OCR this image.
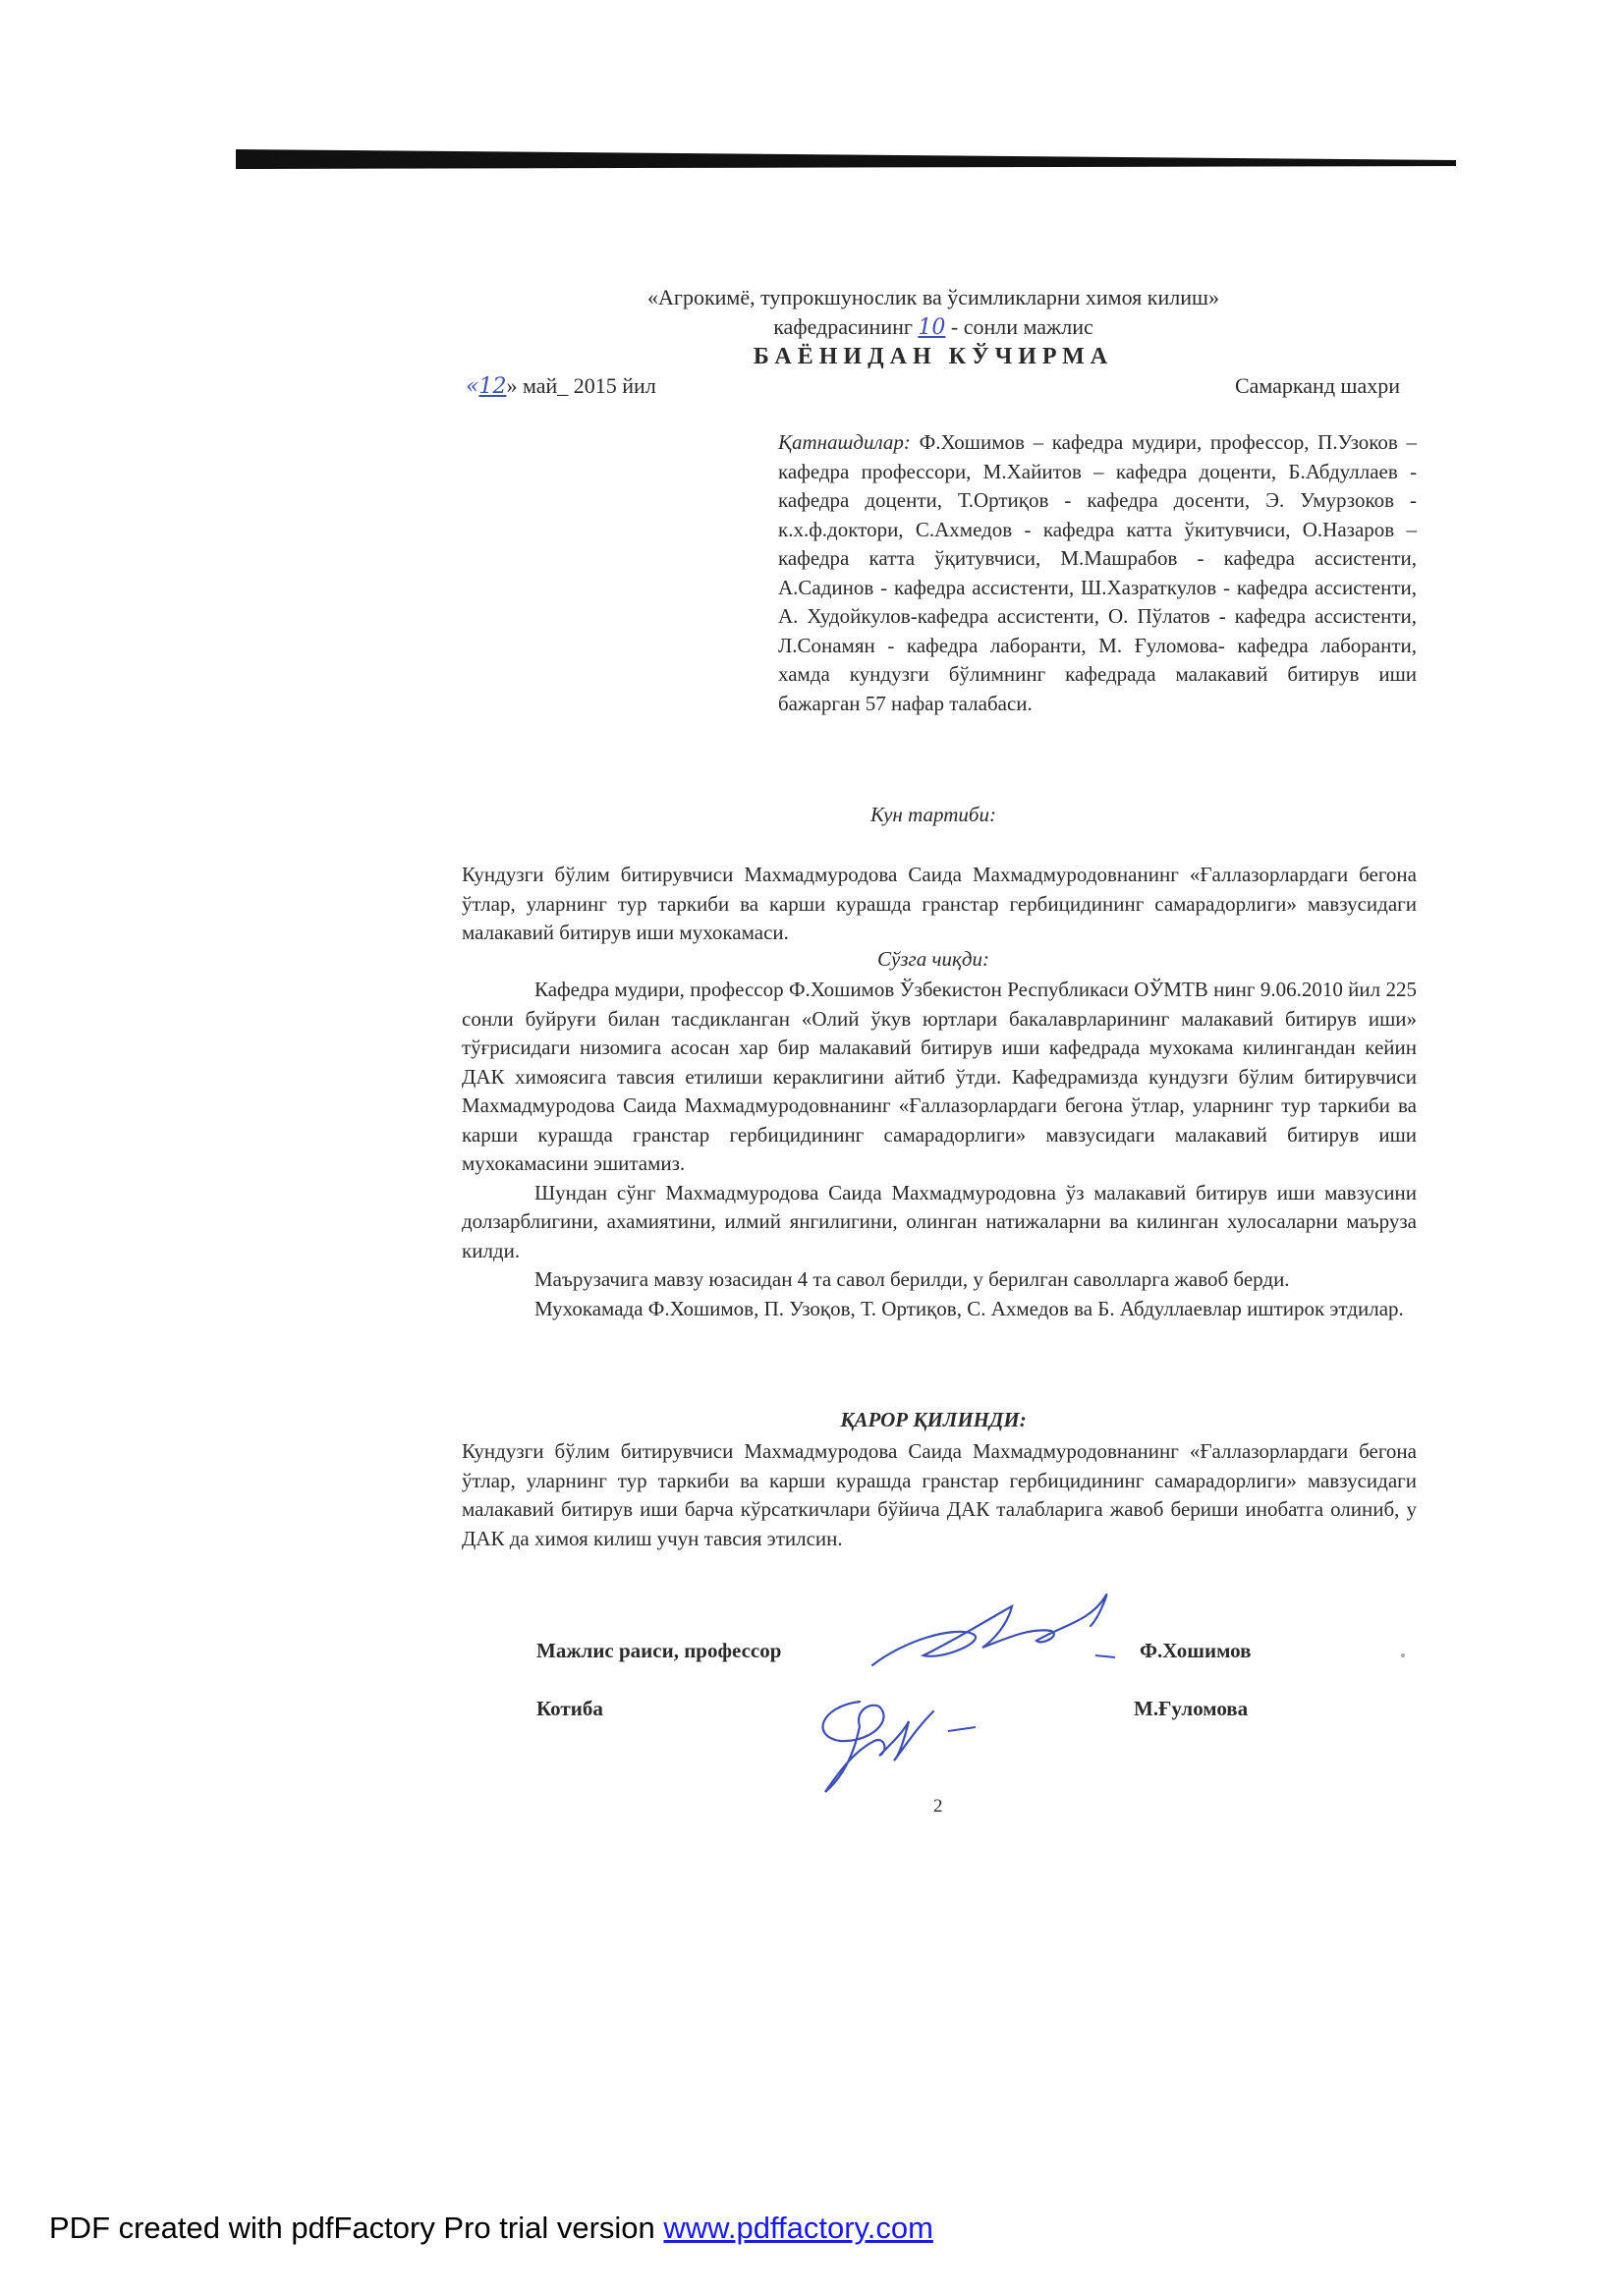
«Агрокимё, тупрокшунослик ва ўсимликларни химоя килиш»
кафедрасининг 10 - сонли мажлис
БАЁНИДАН КЎЧИРМА
«12» май_ 2015 йил	Самарканд шахри
Қатнашдилар: Ф.Хошимов – кафедра мудири, профессор, П.Узоков – кафедра профессори, М.Хайитов – кафедра доценти, Б.Абдуллаев - кафедра доценти, Т.Ортиқов - кафедра досенти, Э. Умурзоков - к.х.ф.доктори, С.Ахмедов - кафедра катта ўкитувчиси, О.Назаров – кафедра катта ўқитувчиси, М.Машрабов - кафедра ассистенти, А.Садинов - кафедра ассистенти, Ш.Хазраткулов - кафедра ассистенти, А. Худойкулов-кафедра ассистенти, О. Пўлатов - кафедра ассистенти, Л.Сонамян - кафедра лаборанти, М. Ғуломова- кафедра лаборанти, хамда кундузги бўлимнинг кафедрада малакавий битирув иши бажарган 57 нафар талабаси.
Кун тартиби:
Кундузги бўлим битирувчиси Махмадмуродова Саида Махмадмуродовнанинг «Ғаллазорлардаги бегона ўтлар, уларнинг тур таркиби ва карши курашда гранстар гербицидининг самарадорлиги» мавзусидаги малакавий битирув иши мухокамаси.
Сўзга чиқди:

Кафедра мудири, профессор Ф.Хошимов Ўзбекистон Республикаси ОЎМТВ нинг 9.06.2010 йил 225 сонли буйруғи билан тасдикланган «Олий ўкув юртлари бакалаврларининг малакавий битирув иши» тўғрисидаги низомига асосан хар бир малакавий битирув иши кафедрада мухокама килингандан кейин ДАК химоясига тавсия етилиши кераклигини айтиб ўтди. Кафедрамизда кундузги бўлим битирувчиси Махмадмуродова Саида Махмадмуродовнанинг «Ғаллазорлардаги бегона ўтлар, уларнинг тур таркиби ва карши курашда гранстар гербицидининг самарадорлиги» мавзусидаги малакавий битирув иши мухокамасини эшитамиз.

Шундан сўнг Махмадмуродова Саида Махмадмуродовна ўз малакавий битирув иши мавзусини долзарблигини, ахамиятини, илмий янгилигини, олинган натижаларни ва килинган хулосаларни маъруза килди.

Маърузачига мавзу юзасидан 4 та савол берилди, у берилган саволларга жавоб берди.

Мухокамада Ф.Хошимов, П. Узоқов, Т. Ортиқов, С. Ахмедов ва Б. Абдуллаевлар иштирок этдилар.

ҚАРОР ҚИЛИНДИ:
Кундузги бўлим битирувчиси Махмадмуродова Саида Махмадмуродовнанинг «Ғаллазорлардаги бегона ўтлар, уларнинг тур таркиби ва карши курашда гранстар гербицидининг самарадорлиги» мавзусидаги малакавий битирув иши барча кўрсаткичлари бўйича ДАК талабларига жавоб бериши инобатга олиниб, у ДАК да химоя килиш учун тавсия этилсин.
Мажлис раиси, профессор	Ф.Хошимов
Котиба	М.Ғуломова
2
PDF created with pdfFactory Pro trial version www.pdffactory.com
